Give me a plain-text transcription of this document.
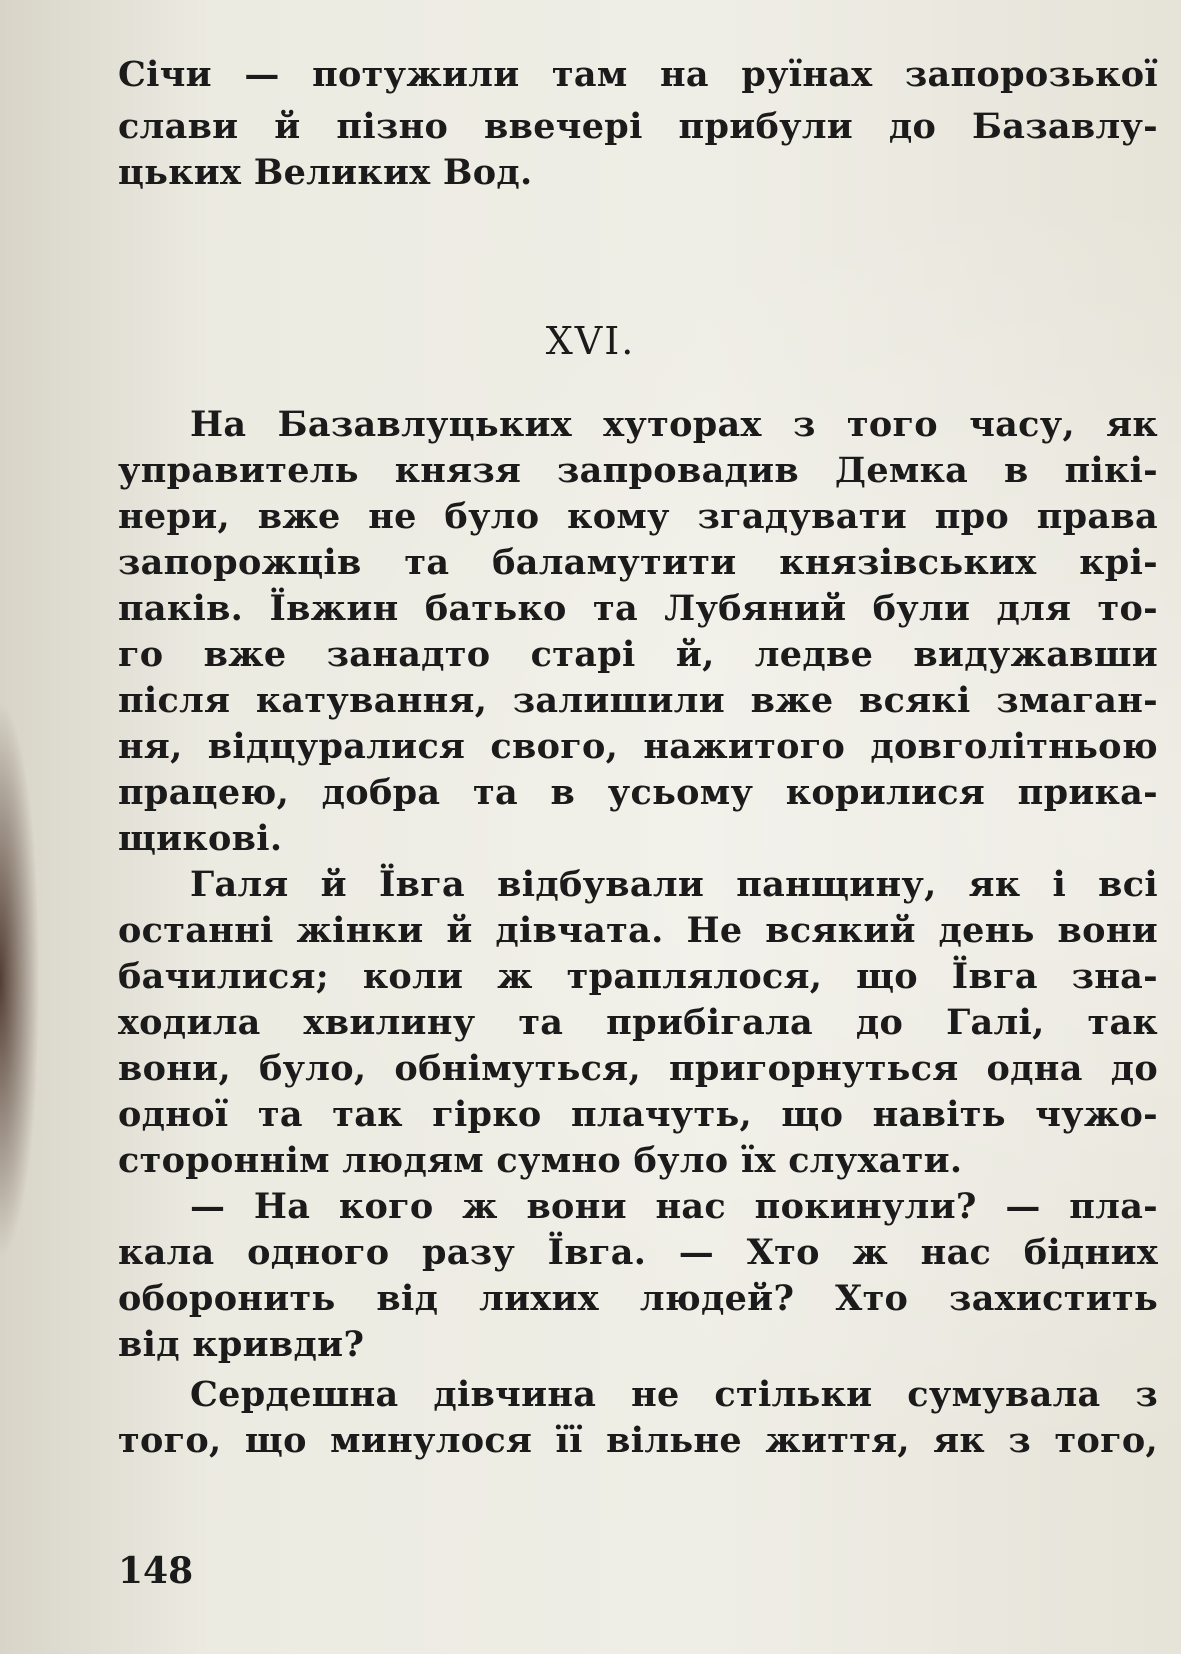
Січи — потужили там на руїнах запорозької
слави й пізно ввечері прибули до Базавлу-
цьких Великих Вод.
XVI.
На Базавлуцьких хуторах з того часу, як
управитель князя запровадив Демка в пікі-
нери, вже не було кому згадувати про права
запорожців та баламутити князівських крі-
паків. Ївжин батько та Лубяний були для то-
го вже занадто старі й, ледве видужавши
після катування, залишили вже всякі змаган-
ня, відцуралися свого, нажитого довголітньою
працею, добра та в усьому корилися прика-
щикові.
Галя й Ївга відбували панщину, як і всі
останні жінки й дівчата. Не всякий день вони
бачилися; коли ж траплялося, що Ївга зна-
ходила хвилину та прибігала до Галі, так
вони, було, обнімуться, пригорнуться одна до
одної та так гірко плачуть, що навіть чужо-
стороннім людям сумно було їх слухати.
— На кого ж вони нас покинули? — пла-
кала одного разу Ївга. — Хто ж нас бідних
оборонить від лихих людей? Хто захистить
від кривди?
Сердешна дівчина не стільки сумувала з
того, що минулося її вільне життя, як з того,
148
